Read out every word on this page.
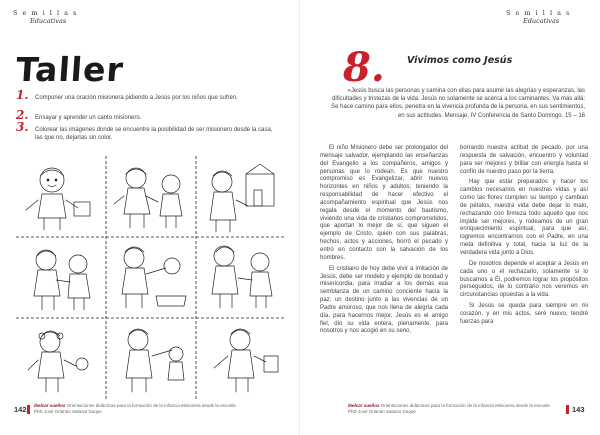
S e m i l l a s
Educativas
Taller
1. Componer una oración misionera pidiendo a Jesús por los niños que sufren.
2. Ensayar y aprender un canto misionero.
3. Colorear las imágenes donde se encuentre la posibilidad de ser misionero desde la casa, las que no, dejarlas sin color.
142 Ibelcar sueños Orientaciones didácticas para la formación de la Infancia Misionera desde la escuela
PhD José Orlando Salazar Duque
S e m i l l a s
Educativas
8. Vivimos como Jesús
«Jesús busca las personas y camina con ellas para asumir las alegrías y esperanzas, las dificultades y tristezas de la vida. Jesús no solamente se acerca a los caminantes. Va más allá: Se hace camino para ellos, penetra en la vivencia profunda de la persona, en sus sentimientos, en sus actitudes. Mensaje, IV Conferencia de Santo Domingo. 15 – 16

El niño Misionero debe ser prolongador del mensaje salvador, ejemplando las enseñanzas del Evangelio a los compañeros, amigos y personas que lo rodean. Es que nuestro compromiso es Evangelizar, abrir nuevos horizontes en niños y adultos; teniendo la responsabilidad de hacer efectivo el acompañamiento espiritual que Jesús nos regala desde el momento del bautismo, viviendo una vida de cristianos comprometidos, que aportan lo mejor de sí, que siguen el ejemplo de Cristo, quien con sus palabras, hechos, actos y acciones, borró el pecado y entró en contacto con la salvación de los hombres.

El cristiano de hoy debe vivir a imitación de Jesús, debe ser modelo y ejemplo de bondad y misericordia, para irradiar a los demás esa semblanza de un camino conciente hacia la paz; un destino junto a las vivencias de un Padre amoroso, que nos llena de alegría cada día, para hacernos mejor. Jesús es el amigo fiel, dio su vida entera, plenamente, para nosotros y nos acogió en su seno,

borrando nuestra actitud de pecado, por una respuesta de salvación, encuentro y voluntad para ser mejores y brillar con energía hasta el confín de nuestro paso por la tierra.

Hay que estar preparados y hacer los cambios necesarios en nuestras vidas y así como las flores cumplen su tiempo y cambian de pétalos, nuestra vida debe dejar lo malo, rechazando con firmeza todo aquello que nos impide ser mejores, y rodeamos de un gran enriquecimiento espiritual, para que así, logremos encontrarnos con el Padre, en una meta definitiva y total, hacia la luz de la verdadera vida junto a Dios.

De nosotros depende el aceptar a Jesús en cada uno o el rechazarlo, solamente si lo buscamos a Él, podremos lograr los propósitos perseguidos, de lo contrario nos veremos en circunstancias opuestas a la vida.

Si Jesús se queda para siempre en mi corazón, y en mis actos, seré nuevo, tendré fuerzas para

Ibelcar sueños Orientaciones didácticas para la formación de la Infancia Misionera desde la escuela
PhD José Orlando Salazar Duque	143
